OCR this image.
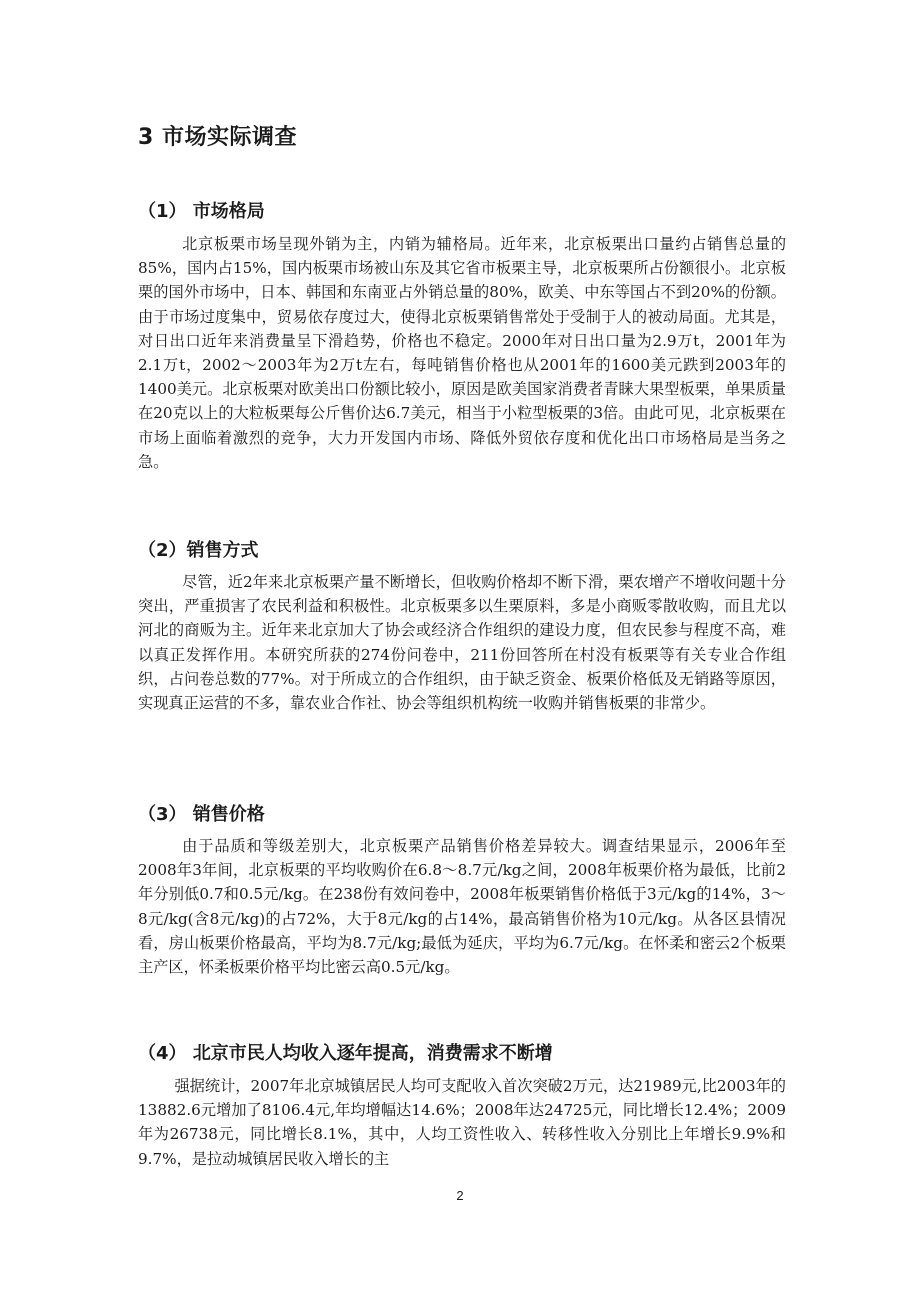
3 市场实际调查
（1） 市场格局

北京板栗市场呈现外销为主，内销为辅格局。近年来，北京板栗出口量约占销售总量的85%，国内占15%，国内板栗市场被山东及其它省市板栗主导，北京板栗所占份额很小。北京板栗的国外市场中，日本、韩国和东南亚占外销总量的80%，欧美、中东等国占不到20%的份额。由于市场过度集中，贸易依存度过大，使得北京板栗销售常处于受制于人的被动局面。尤其是，对日出口近年来消费量呈下滑趋势，价格也不稳定。2000年对日出口量为2.9万t，2001年为2.1万t，2002～2003年为2万t左右，每吨销售价格也从2001年的1600美元跌到2003年的1400美元。北京板栗对欧美出口份额比较小，原因是欧美国家消费者青睐大果型板栗，单果质量在20克以上的大粒板栗每公斤售价达6.7美元，相当于小粒型板栗的3倍。由此可见，北京板栗在市场上面临着激烈的竞争，大力开发国内市场、降低外贸依存度和优化出口市场格局是当务之急。

（2）销售方式

尽管，近2年来北京板栗产量不断增长，但收购价格却不断下滑，栗农增产不增收问题十分突出，严重损害了农民利益和积极性。北京板栗多以生栗原料，多是小商贩零散收购，而且尤以河北的商贩为主。近年来北京加大了协会或经济合作组织的建设力度，但农民参与程度不高，难以真正发挥作用。本研究所获的274份问卷中，211份回答所在村没有板栗等有关专业合作组织，占问卷总数的77%。对于所成立的合作组织，由于缺乏资金、板栗价格低及无销路等原因，实现真正运营的不多，靠农业合作社、协会等组织机构统一收购并销售板栗的非常少。

（3） 销售价格

由于品质和等级差别大，北京板栗产品销售价格差异较大。调查结果显示，2006年至2008年3年间，北京板栗的平均收购价在6.8～8.7元/kg之间，2008年板栗价格为最低，比前2年分别低0.7和0.5元/kg。在238份有效问卷中，2008年板栗销售价格低于3元/kg的14%，3～8元/kg(含8元/kg)的占72%，大于8元/kg的占14%，最高销售价格为10元/kg。从各区县情况看，房山板栗价格最高，平均为8.7元/kg;最低为延庆，平均为6.7元/kg。在怀柔和密云2个板栗主产区，怀柔板栗价格平均比密云高0.5元/kg。

（4） 北京市民人均收入逐年提高，消费需求不断增

强据统计，2007年北京城镇居民人均可支配收入首次突破2万元，达21989元,比2003年的13882.6元增加了8106.4元,年均增幅达14.6%；2008年达24725元，同比增长12.4%；2009年为26738元，同比增长8.1%，其中，人均工资性收入、转移性收入分别比上年增长9.9%和9.7%，是拉动城镇居民收入增长的主

2
